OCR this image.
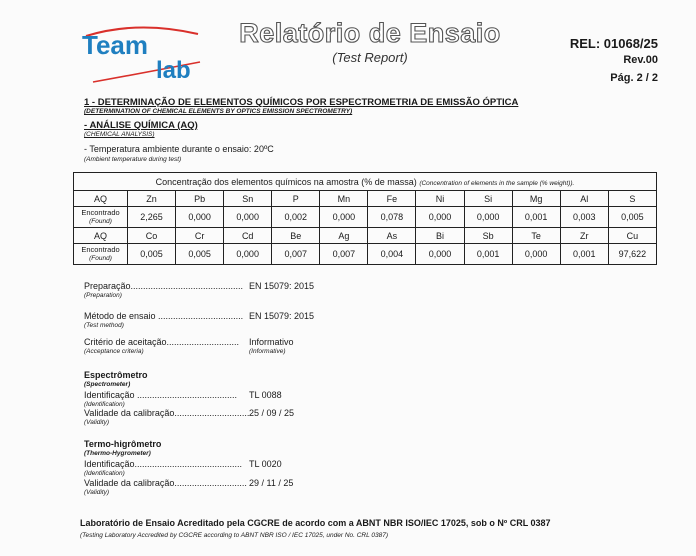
Team
lab
Relatório de Ensaio
(Test Report)
REL: 01068/25
Rev.00
Pág. 2 / 2
1 - DETERMINAÇÃO DE ELEMENTOS QUÍMICOS POR ESPECTROMETRIA DE EMISSÃO ÓPTICA
(DETERMINATION OF CHEMICAL ELEMENTS BY OPTICS EMISSION SPECTROMETRY)
- ANÁLISE QUÍMICA (AQ)
(CHEMICAL ANALYSIS)
- Temperatura ambiente durante o ensaio: 20ºC
(Ambient temperature during test)
Concentração dos elementos químicos na amostra (% de massa) (Concentration of elements in the sample (% weight)).											
AQ	Zn	Pb	Sn	P	Mn	Fe	Ni	Si	Mg	Al	S
Encontrado
(Found)	2,265	0,000	0,000	0,002	0,000	0,078	0,000	0,000	0,001	0,003	0,005
AQ	Co	Cr	Cd	Be	Ag	As	Bi	Sb	Te	Zr	Cu
Encontrado
(Found)	0,005	0,005	0,000	0,007	0,007	0,004	0,000	0,001	0,000	0,001	97,622
Preparação............................................. EN 15079: 2015
(Preparation)
Método de ensaio .................................. EN 15079: 2015
(Test method)
Critério de aceitação............................. Informativo
(Acceptance criteria)	(Informative)
Espectrômetro
(Spectrometer)
Identificação ........................................ TL 0088
(Identification)
Validade da calibração.............................. 25 / 09 / 25
(Validity)
Termo-higrômetro
(Thermo-Hygrometer)
Identificação........................................... TL 0020
(Identification)
Validade da calibração............................. 29 / 11 / 25
(Validity)
Laboratório de Ensaio Acreditado pela CGCRE de acordo com a ABNT NBR ISO/IEC 17025, sob o Nº CRL 0387
(Testing Laboratory Accredited by CGCRE according to ABNT NBR ISO / IEC 17025, under No. CRL 0387)
